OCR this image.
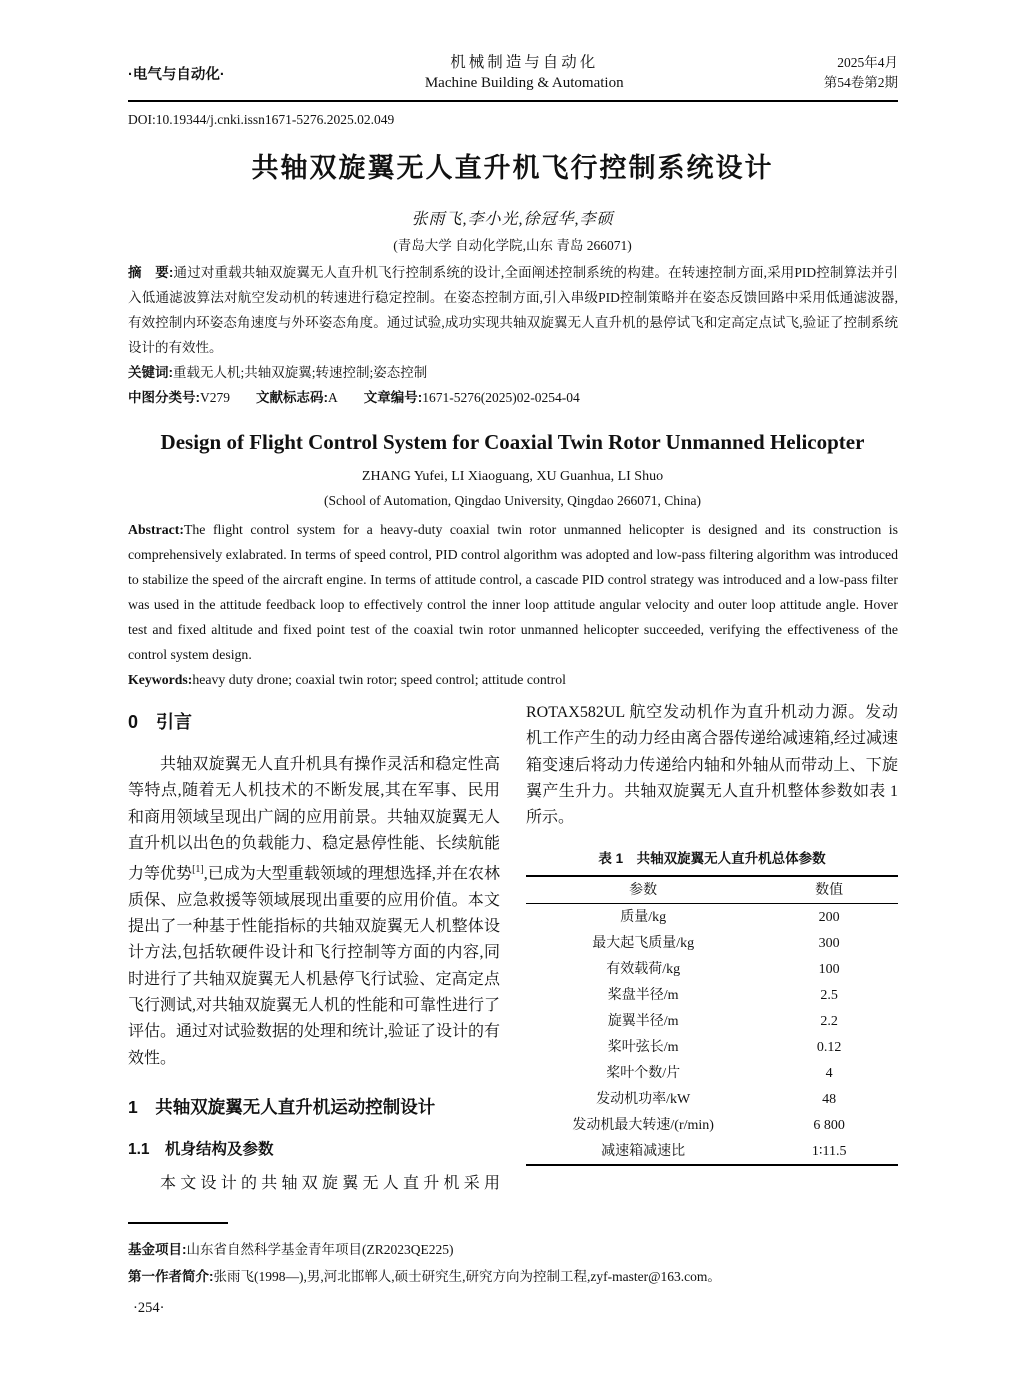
·电气与自动化·
机械制造与自动化
Machine Building & Automation
2025年4月
第54卷第2期
DOI:10.19344/j.cnki.issn1671-5276.2025.02.049
共轴双旋翼无人直升机飞行控制系统设计
张雨飞,李小光,徐冠华,李硕
(青岛大学 自动化学院,山东 青岛 266071)
摘　要:通过对重载共轴双旋翼无人直升机飞行控制系统的设计,全面阐述控制系统的构建。在转速控制方面,采用PID控制算法并引入低通滤波算法对航空发动机的转速进行稳定控制。在姿态控制方面,引入串级PID控制策略并在姿态反馈回路中采用低通滤波器,有效控制内环姿态角速度与外环姿态角度。通过试验,成功实现共轴双旋翼无人直升机的悬停试飞和定高定点试飞,验证了控制系统设计的有效性。
关键词:重载无人机;共轴双旋翼;转速控制;姿态控制
中图分类号:V279 文献标志码:A 文章编号:1671-5276(2025)02-0254-04
Design of Flight Control System for Coaxial Twin Rotor Unmanned Helicopter
ZHANG Yufei, LI Xiaoguang, XU Guanhua, LI Shuo
(School of Automation, Qingdao University, Qingdao 266071, China)
Abstract:The flight control system for a heavy-duty coaxial twin rotor unmanned helicopter is designed and its construction is comprehensively exlabrated. In terms of speed control, PID control algorithm was adopted and low-pass filtering algorithm was introduced to stabilize the speed of the aircraft engine. In terms of attitude control, a cascade PID control strategy was introduced and a low-pass filter was used in the attitude feedback loop to effectively control the inner loop attitude angular velocity and outer loop attitude angle. Hover test and fixed altitude and fixed point test of the coaxial twin rotor unmanned helicopter succeeded, verifying the effectiveness of the control system design.
Keywords:heavy duty drone; coaxial twin rotor; speed control; attitude control
0　引言

共轴双旋翼无人直升机具有操作灵活和稳定性高等特点,随着无人机技术的不断发展,其在军事、民用和商用领域呈现出广阔的应用前景。共轴双旋翼无人直升机以出色的负载能力、稳定悬停性能、长续航能力等优势[1],已成为大型重载领域的理想选择,并在农林质保、应急救援等领域展现出重要的应用价值。本文提出了一种基于性能指标的共轴双旋翼无人机整体设计方法,包括软硬件设计和飞行控制等方面的内容,同时进行了共轴双旋翼无人机悬停飞行试验、定高定点飞行测试,对共轴双旋翼无人机的性能和可靠性进行了评估。通过对试验数据的处理和统计,验证了设计的有效性。

1　共轴双旋翼无人直升机运动控制设计
1.1　机身结构及参数

本文设计的共轴双旋翼无人直升机采用

ROTAX582UL 航空发动机作为直升机动力源。发动机工作产生的动力经由离合器传递给减速箱,经过减速箱变速后将动力传递给内轴和外轴从而带动上、下旋翼产生升力。共轴双旋翼无人直升机整体参数如表 1 所示。

表 1　共轴双旋翼无人直升机总体参数
参数	数值
质量/kg	200
最大起飞质量/kg	300
有效载荷/kg	100
桨盘半径/m	2.5
旋翼半径/m	2.2
桨叶弦长/m	0.12
桨叶个数/片	4
发动机功率/kW	48
发动机最大转速/(r/min)	6 800
减速箱减速比	1∶11.5
基金项目:山东省自然科学基金青年项目(ZR2023QE225)
第一作者简介:张雨飞(1998—),男,河北邯郸人,硕士研究生,研究方向为控制工程,zyf-master@163.com。
·254·
